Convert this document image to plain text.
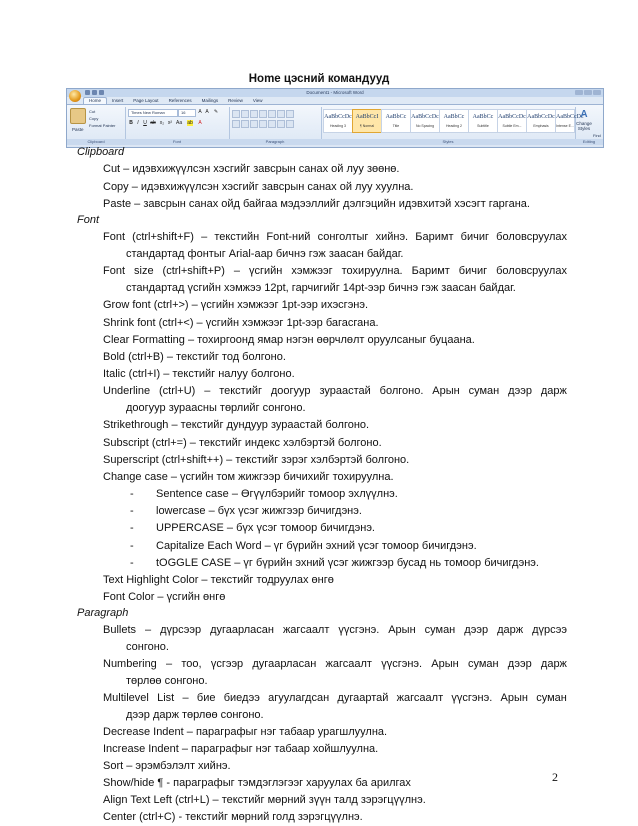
Home цэсний командууд
Document1 - Microsoft Word
Home	Insert	Page Layout	References	Mailings	Review	View
Paste
Cut
Copy
Format Painter
Clipboard
Times New Roman	16	A A ✎
B I U ab x₂ x² Aa ab A
Font	Paragraph
AaBbCcDc
Heading 3
AaBbCcI
¶ Normal
AaBbCc
Title
AaBbCcDc
No Spacing
AaBbCc
Heading 2
AaBbCc
Subtitle
AaBbCcDc
Subtle Em...
AaBbCcDc
Emphasis
AaBbCcDc
Intense E...
Styles
A
Change Styles
Find
Editing
Clipboard
Cut – идэвхижүүлсэн хэсгийг завсрын санах ой луу зөөнө.
Copy – идэвхижүүлсэн хэсгийг завсрын санах ой луу хуулна.
Paste – завсрын санах ойд байгаа мэдээллийг дэлгэцийн идэвхитэй хэсэгт гаргана.
Font
Font (ctrl+shift+F) – текстийн Font-ний сонголтыг хийнэ. Баримт бичиг боловсруулах
стандартад фонтыг Arial-аар бичнэ гэж заасан байдаг.
Font size (ctrl+shift+P) – үсгийн хэмжээг тохируулна. Баримт бичиг боловсруулах
стандартад үсгийн хэмжээ 12pt, гарчигийг 14pt-ээр бичнэ гэж заасан байдаг.
Grow font (ctrl+>) – үсгийн хэмжээг 1pt-ээр ихэсгэнэ.
Shrink font (ctrl+<) – үсгийн хэмжээг 1pt-ээр багасгана.
Clear Formatting – тохиргоонд ямар нэгэн өөрчлөлт оруулсаныг буцаана.
Bold (ctrl+B) – текстийг тод болгоно.
Italic (ctrl+I) – текстийг налуу болгоно.
Underline (ctrl+U) – текстийг доогуур зураастай болгоно. Арын суман дээр дарж
доогуур зураасны төрлийг сонгоно.
Strikethrough – текстийг дундуур зураастай болгоно.
Subscript (ctrl+=) – текстийг индекс хэлбэртэй болгоно.
Superscript (ctrl+shift++) – текстийг зэрэг хэлбэртэй болгоно.
Change case – үсгийн том жижгээр бичихийг тохируулна.
- Sentence case – Өгүүлбэрийг томоор эхлүүлнэ.
- lowercase – бүх үсэг жижгээр бичигдэнэ.
- UPPERCASE – бүх үсэг томоор бичигдэнэ.
- Capitalize Each Word – үг бүрийн эхний үсэг томоор бичигдэнэ.
- tOGGLE CASE – үг бүрийн эхний үсэг жижгээр бусад нь томоор бичигдэнэ.
Text Highlight Color – текстийг тодруулах өнгө
Font Color – үсгийн өнгө
Paragraph
Bullets – дүрсээр дугаарласан жагсаалт үүсгэнэ. Арын суман дээр дарж дүрсээ
сонгоно.
Numbering – тоо, үсгээр дугаарласан жагсаалт үүсгэнэ. Арын суман дээр дарж
төрлөө сонгоно.
Multilevel List – бие биедээ агуулагдсан дугаартай жагсаалт үүсгэнэ. Арын суман
дээр дарж төрлөө сонгоно.
Decrease Indent – параграфыг нэг табаар урагшлуулна.
Increase Indent – параграфыг нэг табаар хойшлуулна.
Sort – эрэмбэлэлт хийнэ.
Show/hide ¶ - параграфыг тэмдэглэгээг харуулах ба арилгах
Align Text Left (ctrl+L) – текстийг мөрний зүүн талд зэрэгцүүлнэ.
Center (ctrl+C) - текстийг мөрний голд зэрэгцүүлнэ.
2
